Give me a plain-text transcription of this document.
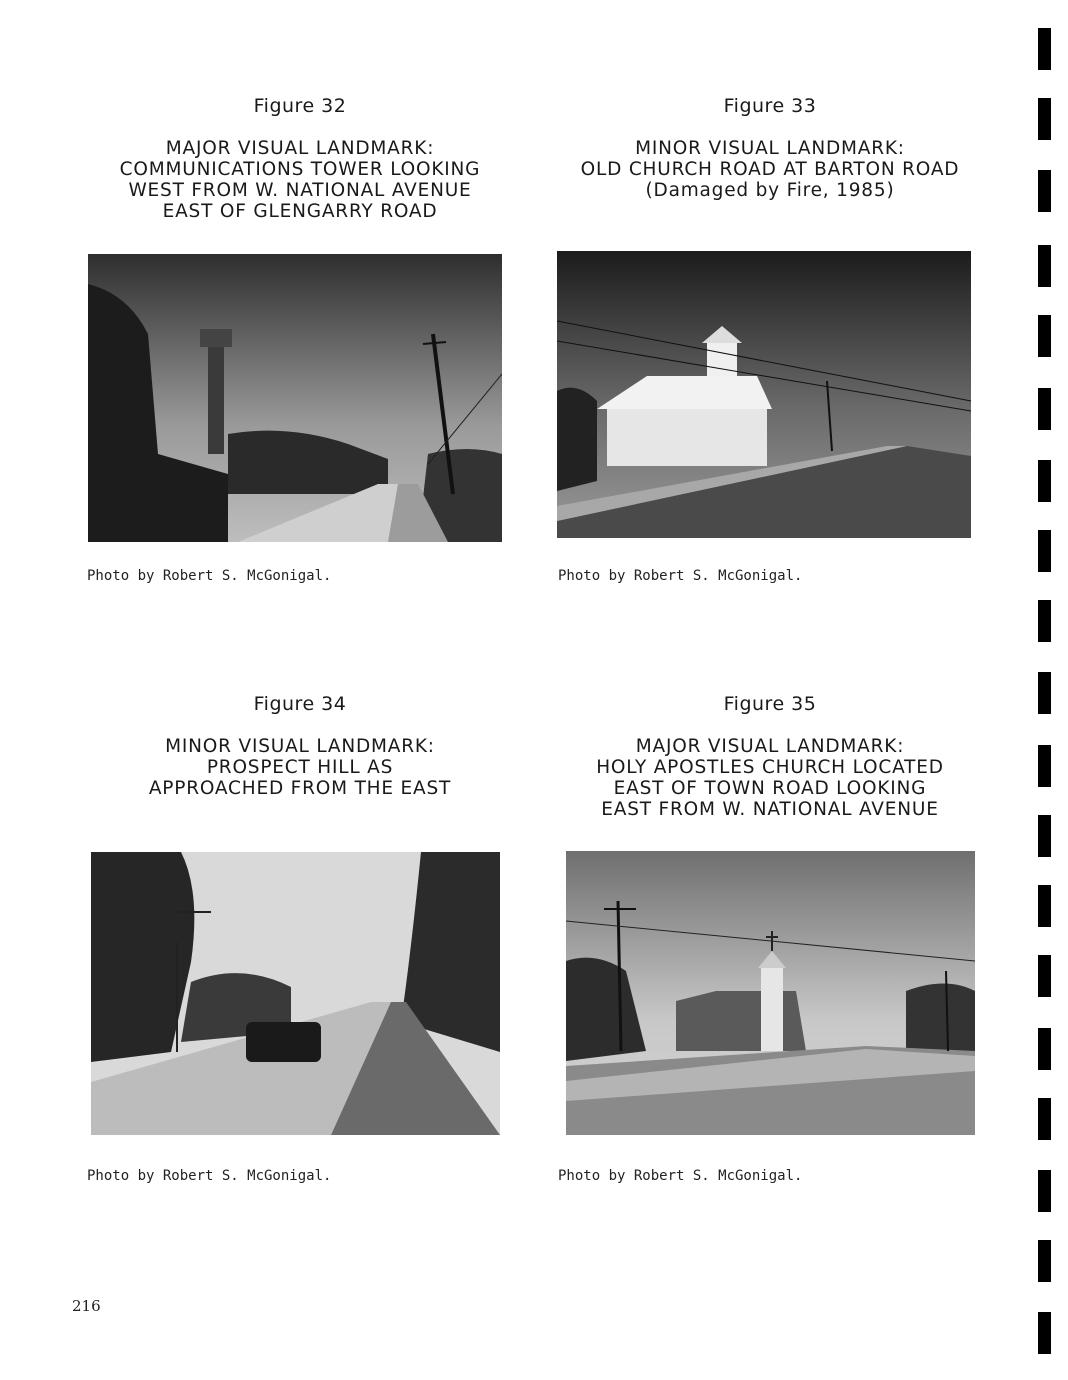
Figure 32
MAJOR VISUAL LANDMARK:
COMMUNICATIONS TOWER LOOKING
WEST FROM W. NATIONAL AVENUE
EAST OF GLENGARRY ROAD
Photo by Robert S. McGonigal.
Figure 33
MINOR VISUAL LANDMARK:
OLD CHURCH ROAD AT BARTON ROAD
(Damaged by Fire, 1985)
Photo by Robert S. McGonigal.
Figure 34
MINOR VISUAL LANDMARK:
PROSPECT HILL AS
APPROACHED FROM THE EAST
Photo by Robert S. McGonigal.
Figure 35
MAJOR VISUAL LANDMARK:
HOLY APOSTLES CHURCH LOCATED
EAST OF TOWN ROAD LOOKING
EAST FROM W. NATIONAL AVENUE
Photo by Robert S. McGonigal.
216
